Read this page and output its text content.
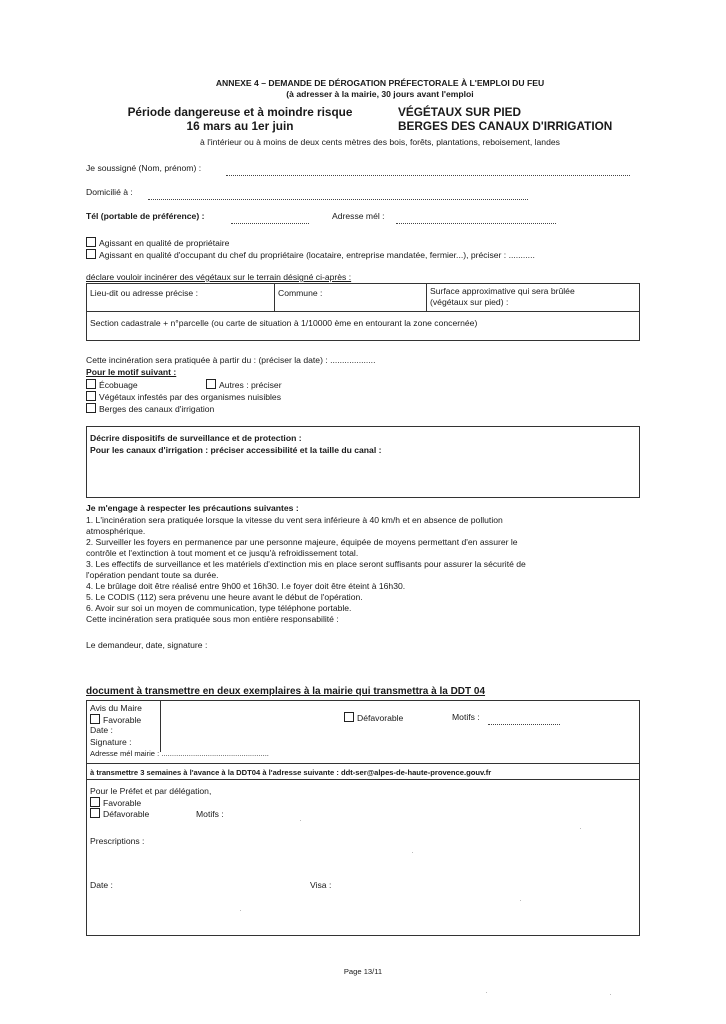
ANNEXE 4 – DEMANDE DE DÉROGATION PRÉFECTORALE À L'EMPLOI DU FEU
(à adresser à la mairie, 30 jours avant l'emploi
Période dangereuse et à moindre risque
16 mars au 1er juin
VÉGÉTAUX SUR PIED
BERGES DES CANAUX D'IRRIGATION
à l'intérieur ou à moins de deux cents mètres des bois, forêts, plantations, reboisement, landes
Je soussigné (Nom, prénom) :
Domicilié à :
Tél (portable de préférence) :	Adresse mél :
Agissant en qualité de propriétaire
Agissant en qualité d'occupant du chef du propriétaire (locataire, entreprise mandatée, fermier...), préciser : ...........
déclare vouloir incinérer des végétaux sur le terrain désigné ci-après :
Lieu-dit ou adresse précise :	Commune :	Surface approximative qui sera brûlée
(végétaux sur pied) :
Section cadastrale + n°parcelle (ou carte de situation à 1/10000 ème en entourant la zone concernée)
Cette incinération sera pratiquée à partir du : (préciser la date) : ...................
Pour le motif suivant :
Écobuage	Autres : préciser
Végétaux infestés par des organismes nuisibles
Berges des canaux d'irrigation
Décrire dispositifs de surveillance et de protection :
Pour les canaux d'irrigation : préciser accessibilité et la taille du canal :
Je m'engage à respecter les précautions suivantes :
1. L'incinération sera pratiquée lorsque la vitesse du vent sera inférieure à 40 km/h et en absence de pollution
atmosphérique.
2. Surveiller les foyers en permanence par une personne majeure, équipée de moyens permettant d'en assurer le
contrôle et l'extinction à tout moment et ce jusqu'à refroidissement total.
3. Les effectifs de surveillance et les matériels d'extinction mis en place seront suffisants pour assurer la sécurité de
l'opération pendant toute sa durée.
4. Le brûlage doit être réalisé entre 9h00 et 16h30. I.e foyer doit être éteint à 16h30.
5. Le CODIS (112) sera prévenu une heure avant le début de l'opération.
6. Avoir sur soi un moyen de communication, type téléphone portable.
Cette incinération sera pratiquée sous mon entière responsabilité :
Le demandeur, date, signature :
document à transmettre en deux exemplaires à la mairie qui transmettra à la DDT 04
Avis du Maire
Favorable	Défavorable	Motifs :
Date :
Signature :
Adresse mél mairie : ...................................................
à transmettre 3 semaines à l'avance à la DDT04 à l'adresse suivante : ddt-ser@alpes-de-haute-provence.gouv.fr
Pour le Préfet et par délégation,
Favorable
Défavorable	Motifs :
Prescriptions :
Date :	Visa :
Page 13/11
